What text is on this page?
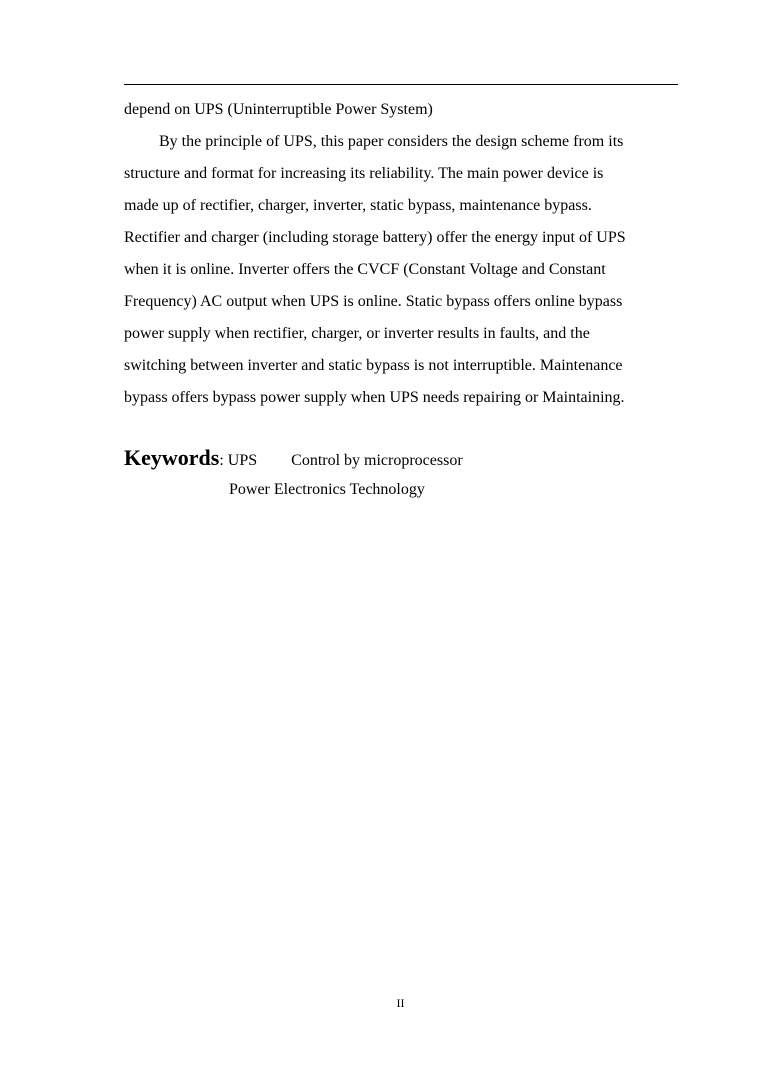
depend on UPS (Uninterruptible Power System)
By the principle of UPS, this paper considers the design scheme from its
structure and format for increasing its reliability. The main power device is
made up of rectifier, charger, inverter, static bypass, maintenance bypass.
Rectifier and charger (including storage battery) offer the energy input of UPS
when it is online. Inverter offers the CVCF (Constant Voltage and Constant
Frequency) AC output when UPS is online. Static bypass offers online bypass
power supply when rectifier, charger, or inverter results in faults, and the
switching between inverter and static bypass is not interruptible. Maintenance
bypass offers bypass power supply when UPS needs repairing or Maintaining.
Keywords: UPS Control by microprocessor
Power Electronics Technology
II
